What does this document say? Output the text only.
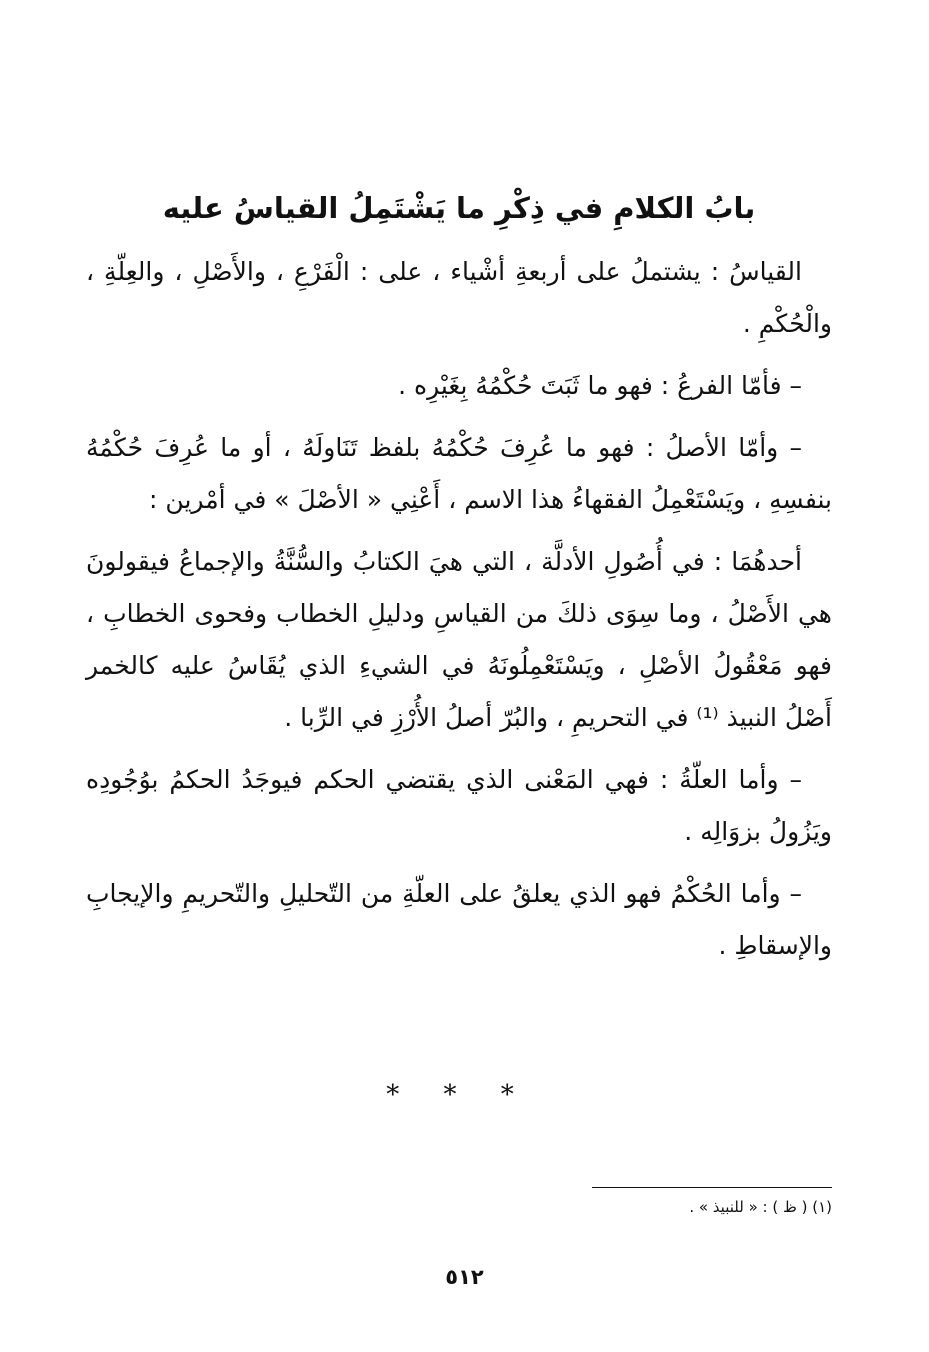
بابُ الكلامِ في ذِكْرِ ما يَشْتَمِلُ القياسُ عليه

القياسُ : يشتملُ على أربعةِ أشْياء ، على : الْفَرْعِ ، والأَصْلِ ، والعِلّةِ ، والْحُكْمِ .

– فأمّا الفرعُ : فهو ما ثَبَتَ حُكْمُهُ بِغَيْرِه .

– وأمّا الأصلُ : فهو ما عُرِفَ حُكْمُهُ بلفظ تَنَاولَهُ ، أو ما عُرِفَ حُكْمُهُ بنفسِهِ ، ويَسْتَعْمِلُ الفقهاءُ هذا الاسم ، أَعْنِي « الأصْلَ » في أمْرين :

أحدهُمَا : في أُصُولِ الأدلَّة ، التي هيَ الكتابُ والسُّنَّةُ والإجماعُ فيقولونَ هي الأَصْلُ ، وما سِوَى ذلكَ من القياسِ ودليلِ الخطاب وفحوى الخطابِ ، فهو مَعْقُولُ الأصْلِ ، ويَسْتَعْمِلُونَهُ في الشيءِ الذي يُقَاسُ عليه كالخمر أَصْلُ النبيذ ⁽¹⁾ في التحريمِ ، والبُرّ أصلُ الأُرْزِ في الرِّبا .

– وأما العلّةُ : فهي المَعْنى الذي يقتضي الحكم فيوجَدُ الحكمُ بوُجُودِه ويَزُولُ بزوَالِه .

– وأما الحُكْمُ فهو الذي يعلقُ على العلّةِ من التّحليلِ والتّحريمِ والإيجابِ والإسقاطِ .

* * *
(١) ( ظ ) : « للنبيذ » .
٥١٢
